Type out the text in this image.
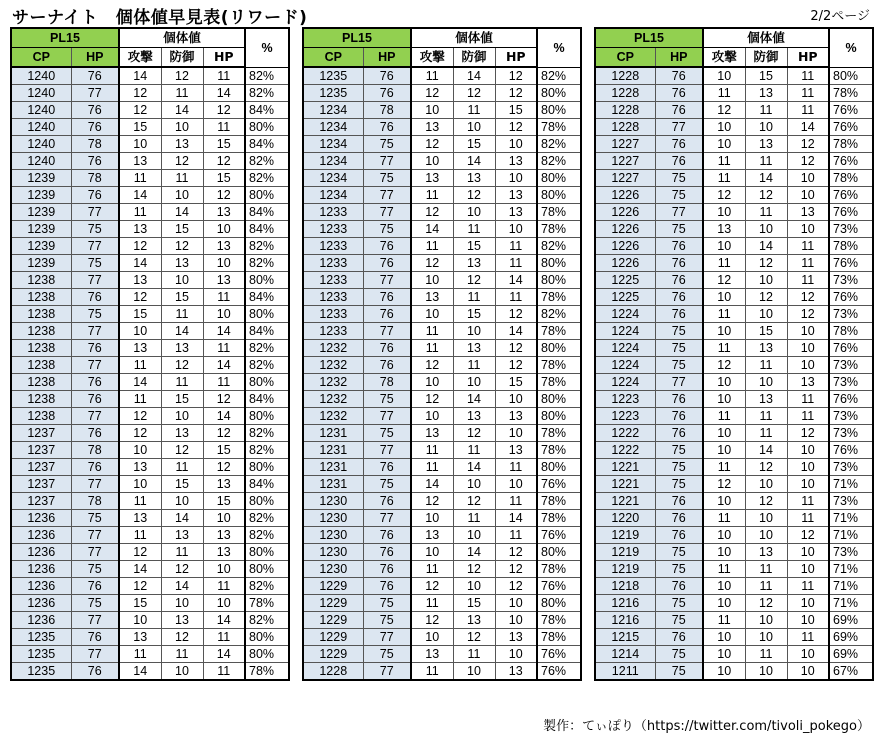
サーナイト　個体値早見表(リワード)	2/2ページ
PL15		個体値			%
CP	HP	攻撃	防御	HP	
1240	76	14	12	11	82%
1240	77	12	11	14	82%
1240	76	12	14	12	84%
1240	76	15	10	11	80%
1240	78	10	13	15	84%
1240	76	13	12	12	82%
1239	78	11	11	15	82%
1239	76	14	10	12	80%
1239	77	11	14	13	84%
1239	75	13	15	10	84%
1239	77	12	12	13	82%
1239	75	14	13	10	82%
1238	77	13	10	13	80%
1238	76	12	15	11	84%
1238	75	15	11	10	80%
1238	77	10	14	14	84%
1238	76	13	13	11	82%
1238	77	11	12	14	82%
1238	76	14	11	11	80%
1238	76	11	15	12	84%
1238	77	12	10	14	80%
1237	76	12	13	12	82%
1237	78	10	12	15	82%
1237	76	13	11	12	80%
1237	77	10	15	13	84%
1237	78	11	10	15	80%
1236	75	13	14	10	82%
1236	77	11	13	13	82%
1236	77	12	11	13	80%
1236	75	14	12	10	80%
1236	76	12	14	11	82%
1236	75	15	10	10	78%
1236	77	10	13	14	82%
1235	76	13	12	11	80%
1235	77	11	11	14	80%
1235	76	14	10	11	78%
PL15		個体値			%
CP	HP	攻撃	防御	HP	
1235	76	11	14	12	82%
1235	76	12	12	12	80%
1234	78	10	11	15	80%
1234	76	13	10	12	78%
1234	75	12	15	10	82%
1234	77	10	14	13	82%
1234	75	13	13	10	80%
1234	77	11	12	13	80%
1233	77	12	10	13	78%
1233	75	14	11	10	78%
1233	76	11	15	11	82%
1233	76	12	13	11	80%
1233	77	10	12	14	80%
1233	76	13	11	11	78%
1233	76	10	15	12	82%
1233	77	11	10	14	78%
1232	76	11	13	12	80%
1232	76	12	11	12	78%
1232	78	10	10	15	78%
1232	75	12	14	10	80%
1232	77	10	13	13	80%
1231	75	13	12	10	78%
1231	77	11	11	13	78%
1231	76	11	14	11	80%
1231	75	14	10	10	76%
1230	76	12	12	11	78%
1230	77	10	11	14	78%
1230	76	13	10	11	76%
1230	76	10	14	12	80%
1230	76	11	12	12	78%
1229	76	12	10	12	76%
1229	75	11	15	10	80%
1229	75	12	13	10	78%
1229	77	10	12	13	78%
1229	75	13	11	10	76%
1228	77	11	10	13	76%
PL15		個体値			%
CP	HP	攻撃	防御	HP	
1228	76	10	15	11	80%
1228	76	11	13	11	78%
1228	76	12	11	11	76%
1228	77	10	10	14	76%
1227	76	10	13	12	78%
1227	76	11	11	12	76%
1227	75	11	14	10	78%
1226	75	12	12	10	76%
1226	77	10	11	13	76%
1226	75	13	10	10	73%
1226	76	10	14	11	78%
1226	76	11	12	11	76%
1225	76	12	10	11	73%
1225	76	10	12	12	76%
1224	76	11	10	12	73%
1224	75	10	15	10	78%
1224	75	11	13	10	76%
1224	75	12	11	10	73%
1224	77	10	10	13	73%
1223	76	10	13	11	76%
1223	76	11	11	11	73%
1222	76	10	11	12	73%
1222	75	10	14	10	76%
1221	75	11	12	10	73%
1221	75	12	10	10	71%
1221	76	10	12	11	73%
1220	76	11	10	11	71%
1219	76	10	10	12	71%
1219	75	10	13	10	73%
1219	75	11	11	10	71%
1218	76	10	11	11	71%
1216	75	10	12	10	71%
1216	75	11	10	10	69%
1215	76	10	10	11	69%
1214	75	10	11	10	69%
1211	75	10	10	10	67%
製作：てぃぽり（https://twitter.com/tivoli_pokego）
